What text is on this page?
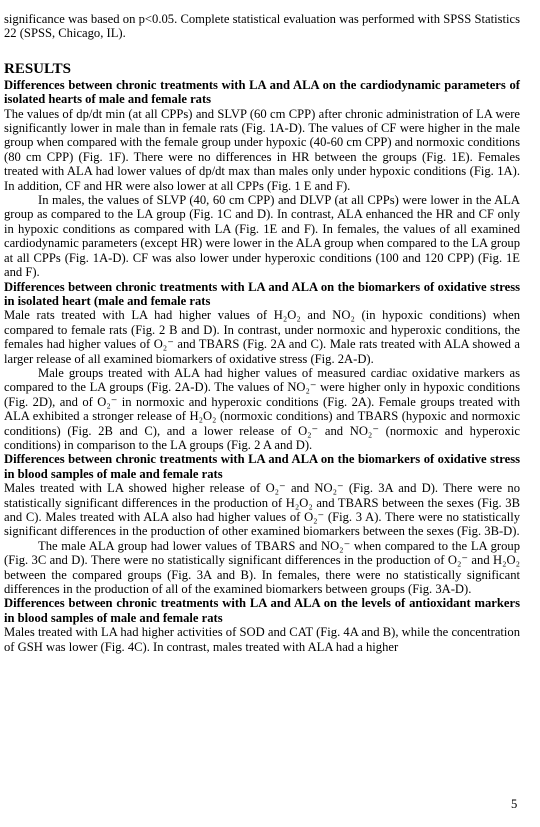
significance was based on p<0.05. Complete statistical evaluation was performed with SPSS Statistics 22 (SPSS, Chicago, IL).

RESULTS
Differences between chronic treatments with LA and ALA on the cardiodynamic parameters of isolated hearts of male and female rats

The values of dp/dt min (at all CPPs) and SLVP (60 cm CPP) after chronic administration of LA were significantly lower in male than in female rats (Fig. 1A-D). The values of CF were higher in the male group when compared with the female group under hypoxic (40-60 cm CPP) and normoxic conditions (80 cm CPP) (Fig. 1F). There were no differences in HR between the groups (Fig. 1E). Females treated with ALA had lower values of dp/dt max than males only under hypoxic conditions (Fig. 1A). In addition, CF and HR were also lower at all CPPs (Fig. 1 E and F).

In males, the values of SLVP (40, 60 cm CPP) and DLVP (at all CPPs) were lower in the ALA group as compared to the LA group (Fig. 1C and D). In contrast, ALA enhanced the HR and CF only in hypoxic conditions as compared with LA (Fig. 1E and F). In females, the values of all examined cardiodynamic parameters (except HR) were lower in the ALA group when compared to the LA group at all CPPs (Fig. 1A-D). CF was also lower under hyperoxic conditions (100 and 120 CPP) (Fig. 1E and F).

Differences between chronic treatments with LA and ALA on the biomarkers of oxidative stress in isolated heart (male and female rats

Male rats treated with LA had higher values of H₂O₂ and NO₂ (in hypoxic conditions) when compared to female rats (Fig. 2 B and D). In contrast, under normoxic and hyperoxic conditions, the females had higher values of O₂⁻ and TBARS (Fig. 2A and C). Male rats treated with ALA showed a larger release of all examined biomarkers of oxidative stress (Fig. 2A-D).

Male groups treated with ALA had higher values of measured cardiac oxidative markers as compared to the LA groups (Fig. 2A-D). The values of NO₂⁻ were higher only in hypoxic conditions (Fig. 2D), and of O₂⁻ in normoxic and hyperoxic conditions (Fig. 2A). Female groups treated with ALA exhibited a stronger release of H₂O₂ (normoxic conditions) and TBARS (hypoxic and normoxic conditions) (Fig. 2B and C), and a lower release of O₂⁻ and NO₂⁻ (normoxic and hyperoxic conditions) in comparison to the LA groups (Fig. 2 A and D).

Differences between chronic treatments with LA and ALA on the biomarkers of oxidative stress in blood samples of male and female rats

Males treated with LA showed higher release of O₂⁻ and NO₂⁻ (Fig. 3A and D). There were no statistically significant differences in the production of H₂O₂ and TBARS between the sexes (Fig. 3B and C). Males treated with ALA also had higher values of O₂⁻ (Fig. 3 A). There were no statistically significant differences in the production of other examined biomarkers between the sexes (Fig. 3B-D).

The male ALA group had lower values of TBARS and NO₂⁻ when compared to the LA group (Fig. 3C and D). There were no statistically significant differences in the production of O₂⁻ and H₂O₂ between the compared groups (Fig. 3A and B). In females, there were no statistically significant differences in the production of all of the examined biomarkers between groups (Fig. 3A-D).

Differences between chronic treatments with LA and ALA on the levels of antioxidant markers in blood samples of male and female rats

Males treated with LA had higher activities of SOD and CAT (Fig. 4A and B), while the concentration of GSH was lower (Fig. 4C). In contrast, males treated with ALA had a higher

5
